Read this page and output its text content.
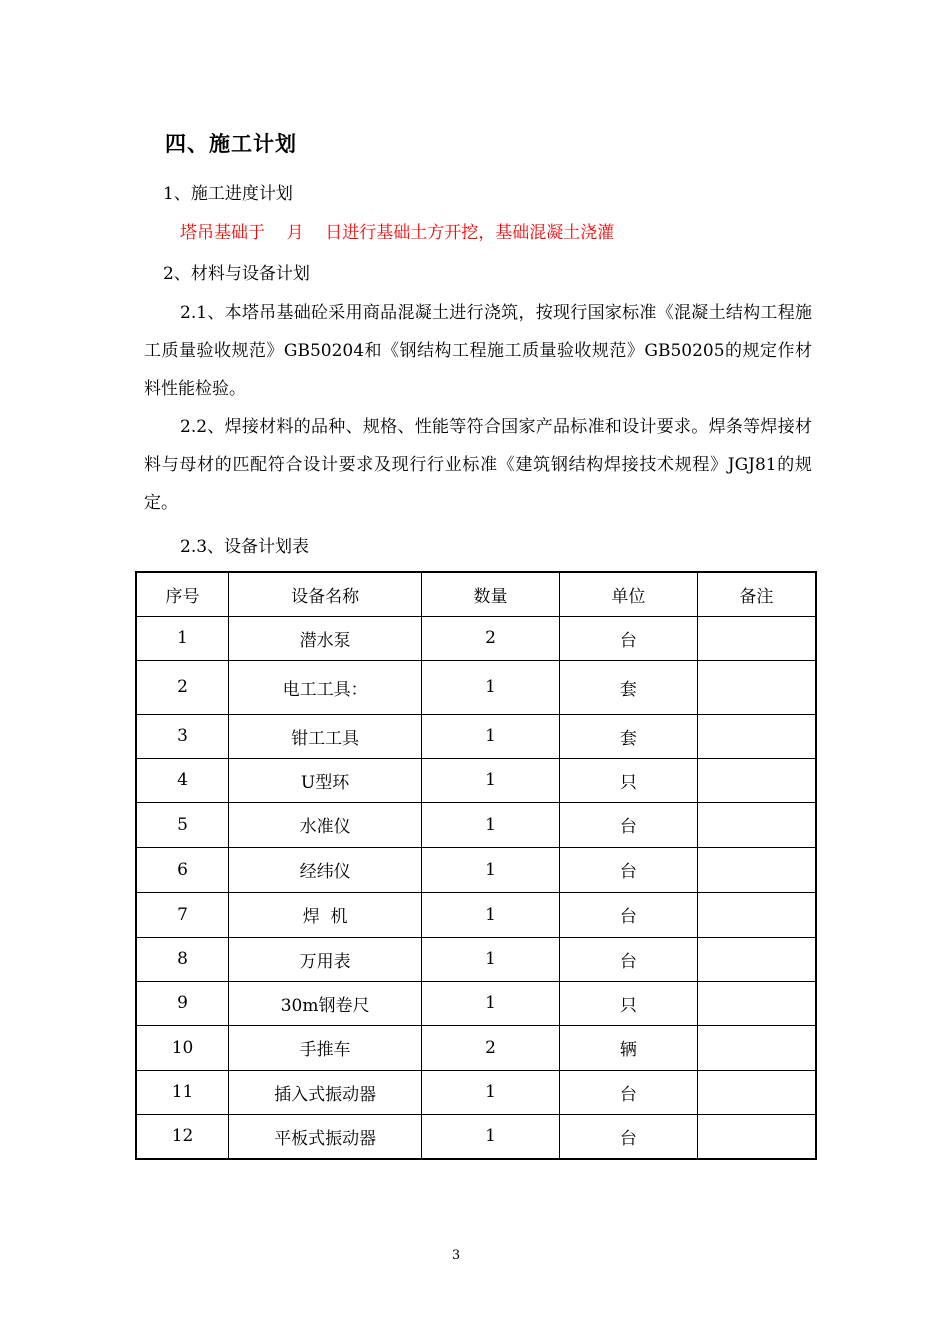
四、施工计划
1、施工进度计划
塔吊基础于    月    日进行基础土方开挖，基础混凝土浇灌
2、材料与设备计划
2.1、本塔吊基础砼采用商品混凝土进行浇筑，按现行国家标准《混凝土结构工程施工质量验收规范》GB50204和《钢结构工程施工质量验收规范》GB50205的规定作材料性能检验。
2.2、焊接材料的品种、规格、性能等符合国家产品标准和设计要求。焊条等焊接材料与母材的匹配符合设计要求及现行行业标准《建筑钢结构焊接技术规程》JGJ81的规定。
2.3、设备计划表
序号	设备名称	数量	单位	备注
1	潜水泵	2	台	
2	电工工具：	1	套	
3	钳工工具	1	套	
4	U型环	1	只	
5	水准仪	1	台	
6	经纬仪	1	台	
7	焊  机	1	台	
8	万用表	1	台	
9	30m钢卷尺	1	只	
10	手推车	2	辆	
11	插入式振动器	1	台	
12	平板式振动器	1	台	
3
